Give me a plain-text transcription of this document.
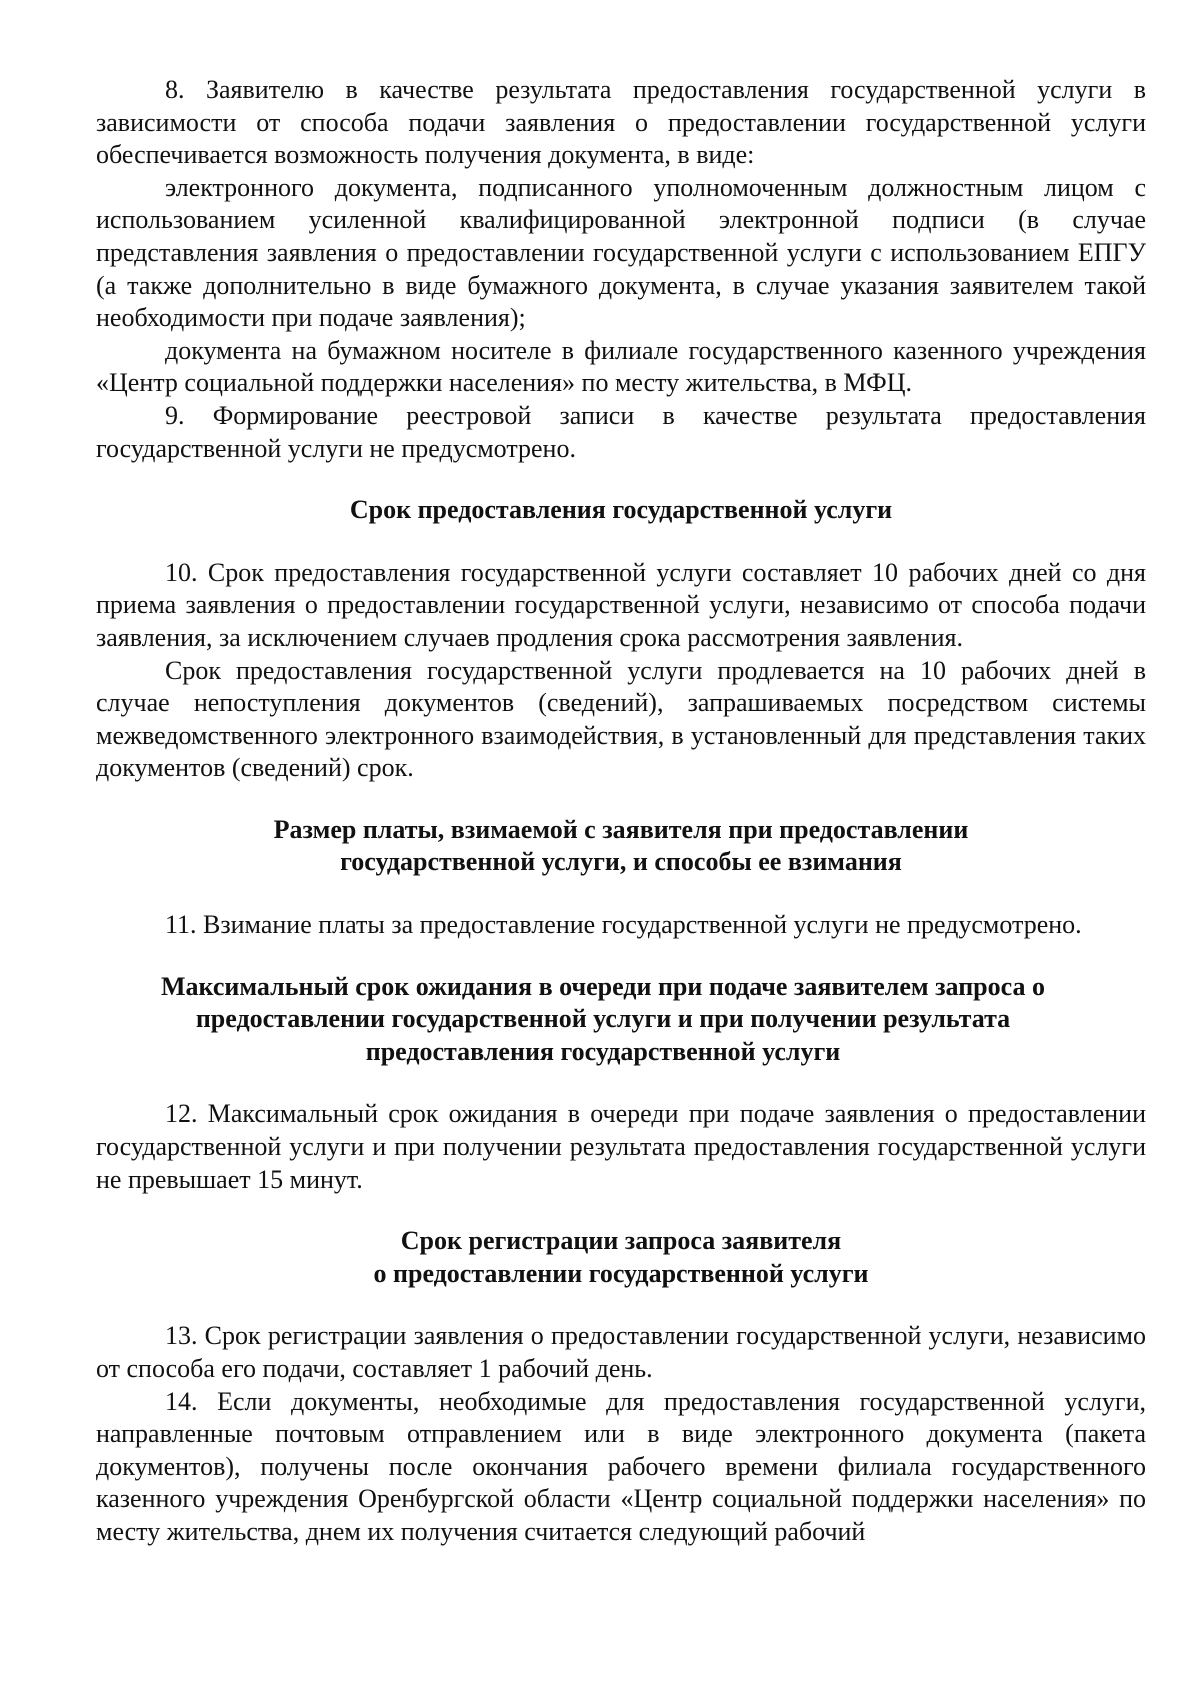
8. Заявителю в качестве результата предоставления государственной услуги в зависимости от способа подачи заявления о предоставлении государственной услуги обеспечивается возможность получения документа, в виде:

электронного документа, подписанного уполномоченным должностным лицом с использованием усиленной квалифицированной электронной подписи (в случае представления заявления о предоставлении государственной услуги с использованием ЕПГУ (а также дополнительно в виде бумажного документа, в случае указания заявителем такой необходимости при подаче заявления);

документа на бумажном носителе в филиале государственного казенного учреждения «Центр социальной поддержки населения» по месту жительства, в МФЦ.

9. Формирование реестровой записи в качестве результата предоставления государственной услуги не предусмотрено.

Срок предоставления государственной услуги

10. Срок предоставления государственной услуги составляет 10 рабочих дней со дня приема заявления о предоставлении государственной услуги, независимо от способа подачи заявления, за исключением случаев продления срока рассмотрения заявления.

Срок предоставления государственной услуги продлевается на 10 рабочих дней в случае непоступления документов (сведений), запрашиваемых посредством системы межведомственного электронного взаимодействия, в установленный для представления таких документов (сведений) срок.

Размер платы, взимаемой с заявителя при предоставлении
государственной услуги, и способы ее взимания

11. Взимание платы за предоставление государственной услуги не предусмотрено.

Максимальный срок ожидания в очереди при подаче заявителем запроса о
предоставлении государственной услуги и при получении результата
предоставления государственной услуги

12. Максимальный срок ожидания в очереди при подаче заявления о предоставлении государственной услуги и при получении результата предоставления государственной услуги не превышает 15 минут.

Срок регистрации запроса заявителя
о предоставлении государственной услуги

13. Срок регистрации заявления о предоставлении государственной услуги, независимо от способа его подачи, составляет 1 рабочий день.

14. Если документы, необходимые для предоставления государственной услуги, направленные почтовым отправлением или в виде электронного документа (пакета документов), получены после окончания рабочего времени филиала государственного казенного учреждения Оренбургской области «Центр социальной поддержки населения» по месту жительства, днем их получения считается следующий рабочий
